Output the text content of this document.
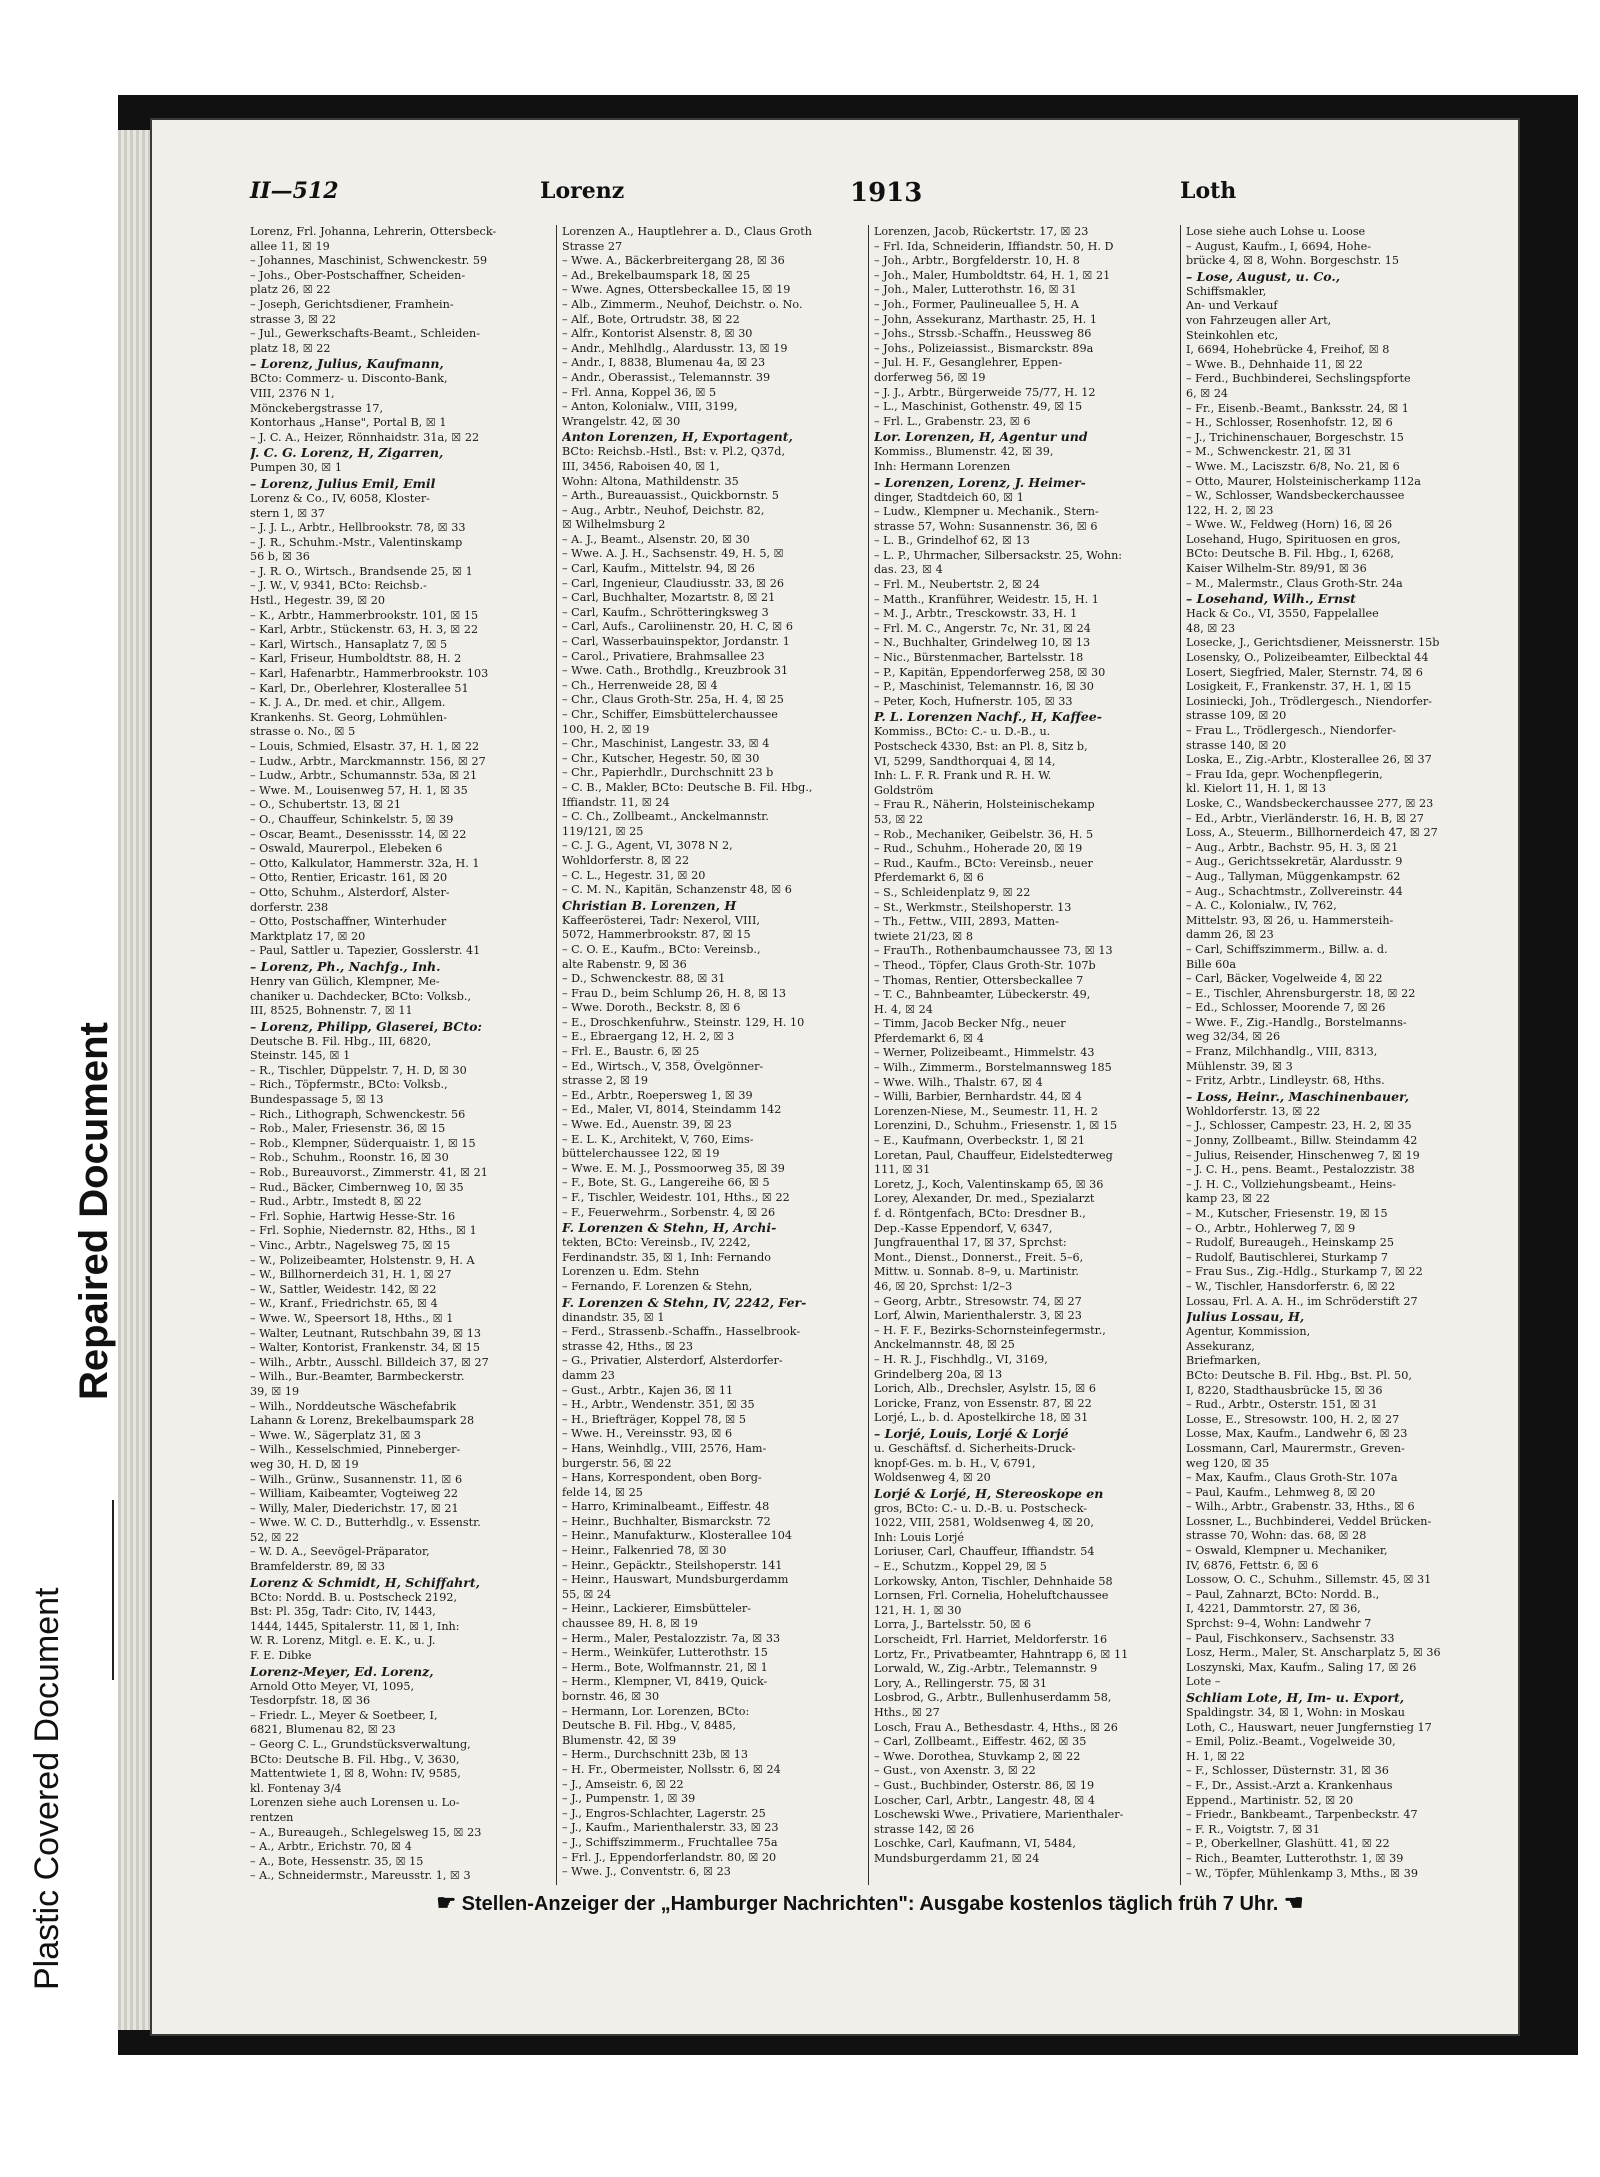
Plastic Covered Document
Repaired Document
II—512	Lorenz	1913	Loth
Lorenz, Frl. Johanna, Lehrerin, Ottersbeck-
allee 11, ☒ 19
– Johannes, Maschinist, Schwenckestr. 59
– Johs., Ober-Postschaffner, Scheiden-
platz 26, ☒ 22
– Joseph, Gerichtsdiener, Framhein-
strasse 3, ☒ 22
– Jul., Gewerkschafts-Beamt., Schleiden-
platz 18, ☒ 22
– Lorenz, Julius, Kaufmann,
BCto: Commerz- u. Disconto-Bank,
VIII, 2376 N 1,
Mönckebergstrasse 17,
Kontorhaus „Hanse", Portal B, ☒ 1
– J. C. A., Heizer, Rönnhaidstr. 31a, ☒ 22
J. C. G. Lorenz, H, Zigarren,
Pumpen 30, ☒ 1
– Lorenz, Julius Emil, Emil
Lorenz & Co., IV, 6058, Kloster-
stern 1, ☒ 37
– J. J. L., Arbtr., Hellbrookstr. 78, ☒ 33
– J. R., Schuhm.-Mstr., Valentinskamp
56 b, ☒ 36
– J. R. O., Wirtsch., Brandsende 25, ☒ 1
– J. W., V, 9341, BCto: Reichsb.-
Hstl., Hegestr. 39, ☒ 20
– K., Arbtr., Hammerbrookstr. 101, ☒ 15
– Karl, Arbtr., Stückenstr. 63, H. 3, ☒ 22
– Karl, Wirtsch., Hansaplatz 7, ☒ 5
– Karl, Friseur, Humboldtstr. 88, H. 2
– Karl, Hafenarbtr., Hammerbrookstr. 103
– Karl, Dr., Oberlehrer, Klosterallee 51
– K. J. A., Dr. med. et chir., Allgem.
Krankenhs. St. Georg, Lohmühlen-
strasse o. No., ☒ 5
– Louis, Schmied, Elsastr. 37, H. 1, ☒ 22
– Ludw., Arbtr., Marckmannstr. 156, ☒ 27
– Ludw., Arbtr., Schumannstr. 53a, ☒ 21
– Wwe. M., Louisenweg 57, H. 1, ☒ 35
– O., Schubertstr. 13, ☒ 21
– O., Chauffeur, Schinkelstr. 5, ☒ 39
– Oscar, Beamt., Desenissstr. 14, ☒ 22
– Oswald, Maurerpol., Elebeken 6
– Otto, Kalkulator, Hammerstr. 32a, H. 1
– Otto, Rentier, Ericastr. 161, ☒ 20
– Otto, Schuhm., Alsterdorf, Alster-
dorferstr. 238
– Otto, Postschaffner, Winterhuder
Marktplatz 17, ☒ 20
– Paul, Sattler u. Tapezier, Gosslerstr. 41
– Lorenz, Ph., Nachfg., Inh.
Henry van Gülich, Klempner, Me-
chaniker u. Dachdecker, BCto: Volksb.,
III, 8525, Bohnenstr. 7, ☒ 11
– Lorenz, Philipp, Glaserei, BCto:
Deutsche B. Fil. Hbg., III, 6820,
Steinstr. 145, ☒ 1
– R., Tischler, Düppelstr. 7, H. D, ☒ 30
– Rich., Töpfermstr., BCto: Volksb.,
Bundespassage 5, ☒ 13
– Rich., Lithograph, Schwenckestr. 56
– Rob., Maler, Friesenstr. 36, ☒ 15
– Rob., Klempner, Süderquaistr. 1, ☒ 15
– Rob., Schuhm., Roonstr. 16, ☒ 30
– Rob., Bureauvorst., Zimmerstr. 41, ☒ 21
– Rud., Bäcker, Cimbernweg 10, ☒ 35
– Rud., Arbtr., Imstedt 8, ☒ 22
– Frl. Sophie, Hartwig Hesse-Str. 16
– Frl. Sophie, Niedernstr. 82, Hths., ☒ 1
– Vinc., Arbtr., Nagelsweg 75, ☒ 15
– W., Polizeibeamter, Holstenstr. 9, H. A
– W., Billhornerdeich 31, H. 1, ☒ 27
– W., Sattler, Weidestr. 142, ☒ 22
– W., Kranf., Friedrichstr. 65, ☒ 4
– Wwe. W., Speersort 18, Hths., ☒ 1
– Walter, Leutnant, Rutschbahn 39, ☒ 13
– Walter, Kontorist, Frankenstr. 34, ☒ 15
– Wilh., Arbtr., Ausschl. Billdeich 37, ☒ 27
– Wilh., Bur.-Beamter, Barmbeckerstr.
39, ☒ 19
– Wilh., Norddeutsche Wäschefabrik
Lahann & Lorenz, Brekelbaumspark 28
– Wwe. W., Sägerplatz 31, ☒ 3
– Wilh., Kesselschmied, Pinneberger-
weg 30, H. D, ☒ 19
– Wilh., Grünw., Susannenstr. 11, ☒ 6
– William, Kaibeamter, Vogteiweg 22
– Willy, Maler, Diederichstr. 17, ☒ 21
– Wwe. W. C. D., Butterhdlg., v. Essenstr.
52, ☒ 22
– W. D. A., Seevögel-Präparator,
Bramfelderstr. 89, ☒ 33
Lorenz & Schmidt, H, Schiffahrt,
BCto: Nordd. B. u. Postscheck 2192,
Bst: Pl. 35g, Tadr: Cito, IV, 1443,
1444, 1445, Spitalerstr. 11, ☒ 1, Inh:
W. R. Lorenz, Mitgl. e. E. K., u. J.
F. E. Dibke
Lorenz-Meyer, Ed. Lorenz,
Arnold Otto Meyer, VI, 1095,
Tesdorpfstr. 18, ☒ 36
– Friedr. L., Meyer & Soetbeer, I,
6821, Blumenau 82, ☒ 23
– Georg C. L., Grundstücksverwaltung,
BCto: Deutsche B. Fil. Hbg., V, 3630,
Mattentwiete 1, ☒ 8, Wohn: IV, 9585,
kl. Fontenay 3/4
Lorenzen siehe auch Lorensen u. Lo-
rentzen
– A., Bureaugeh., Schlegelsweg 15, ☒ 23
– A., Arbtr., Erichstr. 70, ☒ 4
– A., Bote, Hessenstr. 35, ☒ 15
– A., Schneidermstr., Mareusstr. 1, ☒ 3
Lorenzen A., Hauptlehrer a. D., Claus Groth
Strasse 27
– Wwe. A., Bäckerbreitergang 28, ☒ 36
– Ad., Brekelbaumspark 18, ☒ 25
– Wwe. Agnes, Ottersbeckallee 15, ☒ 19
– Alb., Zimmerm., Neuhof, Deichstr. o. No.
– Alf., Bote, Ortrudstr. 38, ☒ 22
– Alfr., Kontorist Alsenstr. 8, ☒ 30
– Andr., Mehlhdlg., Alardusstr. 13, ☒ 19
– Andr., I, 8838, Blumenau 4a, ☒ 23
– Andr., Oberassist., Telemannstr. 39
– Frl. Anna, Koppel 36, ☒ 5
– Anton, Kolonialw., VIII, 3199,
Wrangelstr. 42, ☒ 30
Anton Lorenzen, H, Exportagent,
BCto: Reichsb.-Hstl., Bst: v. Pl.2, Q37d,
III, 3456, Raboisen 40, ☒ 1,
Wohn: Altona, Mathildenstr. 35
– Arth., Bureauassist., Quickbornstr. 5
– Aug., Arbtr., Neuhof, Deichstr. 82,
☒ Wilhelmsburg 2
– A. J., Beamt., Alsenstr. 20, ☒ 30
– Wwe. A. J. H., Sachsenstr. 49, H. 5, ☒
– Carl, Kaufm., Mittelstr. 94, ☒ 26
– Carl, Ingenieur, Claudiusstr. 33, ☒ 26
– Carl, Buchhalter, Mozartstr. 8, ☒ 21
– Carl, Kaufm., Schrötteringksweg 3
– Carl, Aufs., Caroliinenstr. 20, H. C, ☒ 6
– Carl, Wasserbauinspektor, Jordanstr. 1
– Carol., Privatiere, Brahmsallee 23
– Wwe. Cath., Brothdlg., Kreuzbrook 31
– Ch., Herrenweide 28, ☒ 4
– Chr., Claus Groth-Str. 25a, H. 4, ☒ 25
– Chr., Schiffer, Eimsbüttelerchaussee
100, H. 2, ☒ 19
– Chr., Maschinist, Langestr. 33, ☒ 4
– Chr., Kutscher, Hegestr. 50, ☒ 30
– Chr., Papierhdlr., Durchschnitt 23 b
– C. B., Makler, BCto: Deutsche B. Fil. Hbg.,
Iffiandstr. 11, ☒ 24
– C. Ch., Zollbeamt., Anckelmannstr.
119/121, ☒ 25
– C. J. G., Agent, VI, 3078 N 2,
Wohldorferstr. 8, ☒ 22
– C. L., Hegestr. 31, ☒ 20
– C. M. N., Kapitän, Schanzenstr 48, ☒ 6
Christian B. Lorenzen, H
Kaffeerösterei, Tadr: Nexerol, VIII,
5072, Hammerbrookstr. 87, ☒ 15
– C. O. E., Kaufm., BCto: Vereinsb.,
alte Rabenstr. 9, ☒ 36
– D., Schwenckestr. 88, ☒ 31
– Frau D., beim Schlump 26, H. 8, ☒ 13
– Wwe. Doroth., Beckstr. 8, ☒ 6
– E., Droschkenfuhrw., Steinstr. 129, H. 10
– E., Ebraergang 12, H. 2, ☒ 3
– Frl. E., Baustr. 6, ☒ 25
– Ed., Wirtsch., V, 358, Övelgönner-
strasse 2, ☒ 19
– Ed., Arbtr., Roepersweg 1, ☒ 39
– Ed., Maler, VI, 8014, Steindamm 142
– Wwe. Ed., Auenstr. 39, ☒ 23
– E. L. K., Architekt, V, 760, Eims-
büttelerchaussee 122, ☒ 19
– Wwe. E. M. J., Possmoorweg 35, ☒ 39
– F., Bote, St. G., Langereihe 66, ☒ 5
– F., Tischler, Weidestr. 101, Hths., ☒ 22
– F., Feuerwehrm., Sorbenstr. 4, ☒ 26
F. Lorenzen & Stehn, H, Archi-
tekten, BCto: Vereinsb., IV, 2242,
Ferdinandstr. 35, ☒ 1, Inh: Fernando
Lorenzen u. Edm. Stehn
– Fernando, F. Lorenzen & Stehn,
F. Lorenzen & Stehn, IV, 2242, Fer-
dinandstr. 35, ☒ 1
– Ferd., Strassenb.-Schaffn., Hasselbrook-
strasse 42, Hths., ☒ 23
– G., Privatier, Alsterdorf, Alsterdorfer-
damm 23
– Gust., Arbtr., Kajen 36, ☒ 11
– H., Arbtr., Wendenstr. 351, ☒ 35
– H., Briefträger, Koppel 78, ☒ 5
– Wwe. H., Vereinsstr. 93, ☒ 6
– Hans, Weinhdlg., VIII, 2576, Ham-
burgerstr. 56, ☒ 22
– Hans, Korrespondent, oben Borg-
felde 14, ☒ 25
– Harro, Kriminalbeamt., Eiffestr. 48
– Heinr., Buchhalter, Bismarckstr. 72
– Heinr., Manufakturw., Klosterallee 104
– Heinr., Falkenried 78, ☒ 30
– Heinr., Gepäcktr., Steilshoperstr. 141
– Heinr., Hauswart, Mundsburgerdamm
55, ☒ 24
– Heinr., Lackierer, Eimsbütteler-
chaussee 89, H. 8, ☒ 19
– Herm., Maler, Pestalozzistr. 7a, ☒ 33
– Herm., Weinküfer, Lutterothstr. 15
– Herm., Bote, Wolfmannstr. 21, ☒ 1
– Herm., Klempner, VI, 8419, Quick-
bornstr. 46, ☒ 30
– Hermann, Lor. Lorenzen, BCto:
Deutsche B. Fil. Hbg., V, 8485,
Blumenstr. 42, ☒ 39
– Herm., Durchschnitt 23b, ☒ 13
– H. Fr., Obermeister, Nollsstr. 6, ☒ 24
– J., Amseistr. 6, ☒ 22
– J., Pumpenstr. 1, ☒ 39
– J., Engros-Schlachter, Lagerstr. 25
– J., Kaufm., Marienthalerstr. 33, ☒ 23
– J., Schiffszimmerm., Fruchtallee 75a
– Frl. J., Eppendorferlandstr. 80, ☒ 20
– Wwe. J., Conventstr. 6, ☒ 23
Lorenzen, Jacob, Rückertstr. 17, ☒ 23
– Frl. Ida, Schneiderin, Iffiandstr. 50, H. D
– Joh., Arbtr., Borgfelderstr. 10, H. 8
– Joh., Maler, Humboldtstr. 64, H. 1, ☒ 21
– Joh., Maler, Lutterothstr. 16, ☒ 31
– Joh., Former, Paulineuallee 5, H. A
– John, Assekuranz, Marthastr. 25, H. 1
– Johs., Strssb.-Schaffn., Heussweg 86
– Johs., Polizeiassist., Bismarckstr. 89a
– Jul. H. F., Gesanglehrer, Eppen-
dorferweg 56, ☒ 19
– J. J., Arbtr., Bürgerweide 75/77, H. 12
– L., Maschinist, Gothenstr. 49, ☒ 15
– Frl. L., Grabenstr. 23, ☒ 6
Lor. Lorenzen, H, Agentur und
Kommiss., Blumenstr. 42, ☒ 39,
Inh: Hermann Lorenzen
– Lorenzen, Lorenz, J. Heimer-
dinger, Stadtdeich 60, ☒ 1
– Ludw., Klempner u. Mechanik., Stern-
strasse 57, Wohn: Susannenstr. 36, ☒ 6
– L. B., Grindelhof 62, ☒ 13
– L. P., Uhrmacher, Silbersackstr. 25, Wohn:
das. 23, ☒ 4
– Frl. M., Neubertstr. 2, ☒ 24
– Matth., Kranführer, Weidestr. 15, H. 1
– M. J., Arbtr., Tresckowstr. 33, H. 1
– Frl. M. C., Angerstr. 7c, Nr. 31, ☒ 24
– N., Buchhalter, Grindelweg 10, ☒ 13
– Nic., Bürstenmacher, Bartelsstr. 18
– P., Kapitän, Eppendorferweg 258, ☒ 30
– P., Maschinist, Telemannstr. 16, ☒ 30
– Peter, Koch, Hufnerstr. 105, ☒ 33
P. L. Lorenzen Nachf., H, Kaffee-
Kommiss., BCto: C.- u. D.-B., u.
Postscheck 4330, Bst: an Pl. 8, Sitz b,
VI, 5299, Sandthorquai 4, ☒ 14,
Inh: L. F. R. Frank und R. H. W.
Goldström
– Frau R., Näherin, Holsteinischekamp
53, ☒ 22
– Rob., Mechaniker, Geibelstr. 36, H. 5
– Rud., Schuhm., Hoherade 20, ☒ 19
– Rud., Kaufm., BCto: Vereinsb., neuer
Pferdemarkt 6, ☒ 6
– S., Schleidenplatz 9, ☒ 22
– St., Werkmstr., Steilshoperstr. 13
– Th., Fettw., VIII, 2893, Matten-
twiete 21/23, ☒ 8
– FrauTh., Rothenbaumchaussee 73, ☒ 13
– Theod., Töpfer, Claus Groth-Str. 107b
– Thomas, Rentier, Ottersbeckallee 7
– T. C., Bahnbeamter, Lübeckerstr. 49,
H. 4, ☒ 24
– Timm, Jacob Becker Nfg., neuer
Pferdemarkt 6, ☒ 4
– Werner, Polizeibeamt., Himmelstr. 43
– Wilh., Zimmerm., Borstelmannsweg 185
– Wwe. Wilh., Thalstr. 67, ☒ 4
– Willi, Barbier, Bernhardstr. 44, ☒ 4
Lorenzen-Niese, M., Seumestr. 11, H. 2
Lorenzini, D., Schuhm., Friesenstr. 1, ☒ 15
– E., Kaufmann, Overbeckstr. 1, ☒ 21
Loretan, Paul, Chauffeur, Eidelstedterweg
111, ☒ 31
Loretz, J., Koch, Valentinskamp 65, ☒ 36
Lorey, Alexander, Dr. med., Spezialarzt
f. d. Röntgenfach, BCto: Dresdner B.,
Dep.-Kasse Eppendorf, V, 6347,
Jungfrauenthal 17, ☒ 37, Sprchst:
Mont., Dienst., Donnerst., Freit. 5–6,
Mittw. u. Sonnab. 8–9, u. Martinistr.
46, ☒ 20, Sprchst: 1/2–3
– Georg, Arbtr., Stresowstr. 74, ☒ 27
Lorf, Alwin, Marienthalerstr. 3, ☒ 23
– H. F. F., Bezirks-Schornsteinfegermstr.,
Anckelmannstr. 48, ☒ 25
– H. R. J., Fischhdlg., VI, 3169,
Grindelberg 20a, ☒ 13
Lorich, Alb., Drechsler, Asylstr. 15, ☒ 6
Loricke, Franz, von Essenstr. 87, ☒ 22
Lorjé, L., b. d. Apostelkirche 18, ☒ 31
– Lorjé, Louis, Lorjé & Lorjé
u. Geschäftsf. d. Sicherheits-Druck-
knopf-Ges. m. b. H., V, 6791,
Woldsenweg 4, ☒ 20
Lorjé & Lorjé, H, Stereoskope en
gros, BCto: C.- u. D.-B. u. Postscheck-
1022, VIII, 2581, Woldsenweg 4, ☒ 20,
Inh: Louis Lorjé
Loriuser, Carl, Chauffeur, Iffiandstr. 54
– E., Schutzm., Koppel 29, ☒ 5
Lorkowsky, Anton, Tischler, Dehnhaide 58
Lornsen, Frl. Cornelia, Hoheluftchaussee
121, H. 1, ☒ 30
Lorra, J., Bartelsstr. 50, ☒ 6
Lorscheidt, Frl. Harriet, Meldorferstr. 16
Lortz, Fr., Privatbeamter, Hahntrapp 6, ☒ 11
Lorwald, W., Zig.-Arbtr., Telemannstr. 9
Lory, A., Rellingerstr. 75, ☒ 31
Losbrod, G., Arbtr., Bullenhuserdamm 58,
Hths., ☒ 27
Losch, Frau A., Bethesdastr. 4, Hths., ☒ 26
– Carl, Zollbeamt., Eiffestr. 462, ☒ 35
– Wwe. Dorothea, Stuvkamp 2, ☒ 22
– Gust., von Axenstr. 3, ☒ 22
– Gust., Buchbinder, Osterstr. 86, ☒ 19
Loscher, Carl, Arbtr., Langestr. 48, ☒ 4
Loschewski Wwe., Privatiere, Marienthaler-
strasse 142, ☒ 26
Loschke, Carl, Kaufmann, VI, 5484,
Mundsburgerdamm 21, ☒ 24
Lose siehe auch Lohse u. Loose
– August, Kaufm., I, 6694, Hohe-
brücke 4, ☒ 8, Wohn. Borgeschstr. 15
– Lose, August, u. Co.,
Schiffsmakler,
An- und Verkauf
von Fahrzeugen aller Art,
Steinkohlen etc,
I, 6694, Hohebrücke 4, Freihof, ☒ 8
– Wwe. B., Dehnhaide 11, ☒ 22
– Ferd., Buchbinderei, Sechslingspforte
6, ☒ 24
– Fr., Eisenb.-Beamt., Banksstr. 24, ☒ 1
– H., Schlosser, Rosenhofstr. 12, ☒ 6
– J., Trichinenschauer, Borgeschstr. 15
– M., Schwenckestr. 21, ☒ 31
– Wwe. M., Laciszstr. 6/8, No. 21, ☒ 6
– Otto, Maurer, Holsteinischerkamp 112a
– W., Schlosser, Wandsbeckerchaussee
122, H. 2, ☒ 23
– Wwe. W., Feldweg (Horn) 16, ☒ 26
Losehand, Hugo, Spirituosen en gros,
BCto: Deutsche B. Fil. Hbg., I, 6268,
Kaiser Wilhelm-Str. 89/91, ☒ 36
– M., Malermstr., Claus Groth-Str. 24a
– Losehand, Wilh., Ernst
Hack & Co., VI, 3550, Fappelallee
48, ☒ 23
Losecke, J., Gerichtsdiener, Meissnerstr. 15b
Losensky, O., Polizeibeamter, Eilbecktal 44
Losert, Siegfried, Maler, Sternstr. 74, ☒ 6
Losigkeit, F., Frankenstr. 37, H. 1, ☒ 15
Losiniecki, Joh., Trödlergesch., Niendorfer-
strasse 109, ☒ 20
– Frau L., Trödlergesch., Niendorfer-
strasse 140, ☒ 20
Loska, E., Zig.-Arbtr., Klosterallee 26, ☒ 37
– Frau Ida, gepr. Wochenpflegerin,
kl. Kielort 11, H. 1, ☒ 13
Loske, C., Wandsbeckerchaussee 277, ☒ 23
– Ed., Arbtr., Vierländerstr. 16, H. B, ☒ 27
Loss, A., Steuerm., Billhornerdeich 47, ☒ 27
– Aug., Arbtr., Bachstr. 95, H. 3, ☒ 21
– Aug., Gerichtssekretär, Alardusstr. 9
– Aug., Tallyman, Müggenkampstr. 62
– Aug., Schachtmstr., Zollvereinstr. 44
– A. C., Kolonialw., IV, 762,
Mittelstr. 93, ☒ 26, u. Hammersteih-
damm 26, ☒ 23
– Carl, Schiffszimmerm., Billw. a. d.
Bille 60a
– Carl, Bäcker, Vogelweide 4, ☒ 22
– E., Tischler, Ahrensburgerstr. 18, ☒ 22
– Ed., Schlosser, Moorende 7, ☒ 26
– Wwe. F., Zig.-Handlg., Borstelmanns-
weg 32/34, ☒ 26
– Franz, Milchhandlg., VIII, 8313,
Mühlenstr. 39, ☒ 3
– Fritz, Arbtr., Lindleystr. 68, Hths.
– Loss, Heinr., Maschinenbauer,
Wohldorferstr. 13, ☒ 22
– J., Schlosser, Campestr. 23, H. 2, ☒ 35
– Jonny, Zollbeamt., Billw. Steindamm 42
– Julius, Reisender, Hinschenweg 7, ☒ 19
– J. C. H., pens. Beamt., Pestalozzistr. 38
– J. H. C., Vollziehungsbeamt., Heins-
kamp 23, ☒ 22
– M., Kutscher, Friesenstr. 19, ☒ 15
– O., Arbtr., Hohlerweg 7, ☒ 9
– Rudolf, Bureaugeh., Heinskamp 25
– Rudolf, Bautischlerei, Sturkamp 7
– Frau Sus., Zig.-Hdlg., Sturkamp 7, ☒ 22
– W., Tischler, Hansdorferstr. 6, ☒ 22
Lossau, Frl. A. A. H., im Schröderstift 27
Julius Lossau, H,
Agentur, Kommission,
Assekuranz,
Briefmarken,
BCto: Deutsche B. Fil. Hbg., Bst. Pl. 50,
I, 8220, Stadthausbrücke 15, ☒ 36
– Rud., Arbtr., Osterstr. 151, ☒ 31
Losse, E., Stresowstr. 100, H. 2, ☒ 27
Losse, Max, Kaufm., Landwehr 6, ☒ 23
Lossmann, Carl, Maurermstr., Greven-
weg 120, ☒ 35
– Max, Kaufm., Claus Groth-Str. 107a
– Paul, Kaufm., Lehmweg 8, ☒ 20
– Wilh., Arbtr., Grabenstr. 33, Hths., ☒ 6
Lossner, L., Buchbinderei, Veddel Brücken-
strasse 70, Wohn: das. 68, ☒ 28
– Oswald, Klempner u. Mechaniker,
IV, 6876, Fettstr. 6, ☒ 6
Lossow, O. C., Schuhm., Sillemstr. 45, ☒ 31
– Paul, Zahnarzt, BCto: Nordd. B.,
I, 4221, Dammtorstr. 27, ☒ 36,
Sprchst: 9–4, Wohn: Landwehr 7
– Paul, Fischkonserv., Sachsenstr. 33
Losz, Herm., Maler, St. Anscharplatz 5, ☒ 36
Loszynski, Max, Kaufm., Saling 17, ☒ 26
Lote –
Schliam Lote, H, Im- u. Export,
Spaldingstr. 34, ☒ 1, Wohn: in Moskau
Loth, C., Hauswart, neuer Jungfernstieg 17
– Emil, Poliz.-Beamt., Vogelweide 30,
H. 1, ☒ 22
– F., Schlosser, Düsternstr. 31, ☒ 36
– F., Dr., Assist.-Arzt a. Krankenhaus
Eppend., Martinistr. 52, ☒ 20
– Friedr., Bankbeamt., Tarpenbeckstr. 47
– F. R., Voigtstr. 7, ☒ 31
– P., Oberkellner, Glashütt. 41, ☒ 22
– Rich., Beamter, Lutterothstr. 1, ☒ 39
– W., Töpfer, Mühlenkamp 3, Mths., ☒ 39
☛ Stellen-Anzeiger der „Hamburger Nachrichten": Ausgabe kostenlos täglich früh 7 Uhr. ☚
